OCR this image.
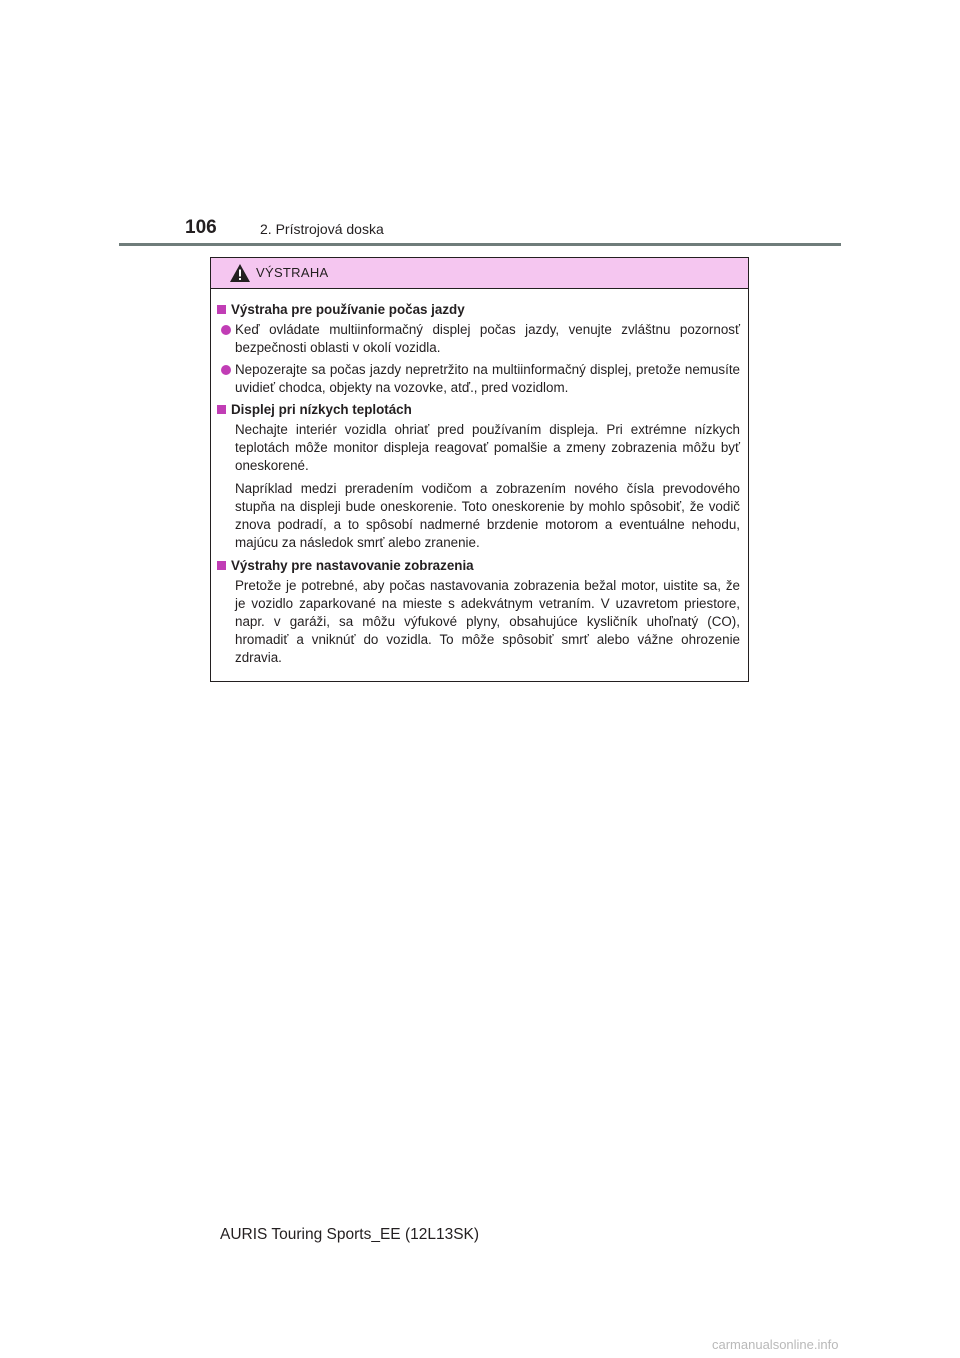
106	2. Prístrojová doska
VÝSTRAHA
Výstraha pre používanie počas jazdy
Keď ovládate multiinformačný displej počas jazdy, venujte zvláštnu pozornosť bezpečnosti oblasti v okolí vozidla.
Nepozerajte sa počas jazdy nepretržito na multiinformačný displej, pretože nemusíte uvidieť chodca, objekty na vozovke, atď., pred vozidlom.
Displej pri nízkych teplotách
Nechajte interiér vozidla ohriať pred používaním displeja. Pri extrémne nízkych teplotách môže monitor displeja reagovať pomalšie a zmeny zobrazenia môžu byť oneskorené.
Napríklad medzi preradením vodičom a zobrazením nového čísla prevodového stupňa na displeji bude oneskorenie. Toto oneskorenie by mohlo spôsobiť, že vodič znova podradí, a to spôsobí nadmerné brzdenie motorom a eventuálne nehodu, majúcu za následok smrť alebo zranenie.
Výstrahy pre nastavovanie zobrazenia
Pretože je potrebné, aby počas nastavovania zobrazenia bežal motor, uistite sa, že je vozidlo zaparkované na mieste s adekvátnym vetraním. V uzavretom priestore, napr. v garáži, sa môžu výfukové plyny, obsahujúce kysličník uhoľnatý (CO), hromadiť a vniknúť do vozidla. To môže spôsobiť smrť alebo vážne ohrozenie zdravia.
AURIS Touring Sports_EE (12L13SK)
carmanualsonline.info
